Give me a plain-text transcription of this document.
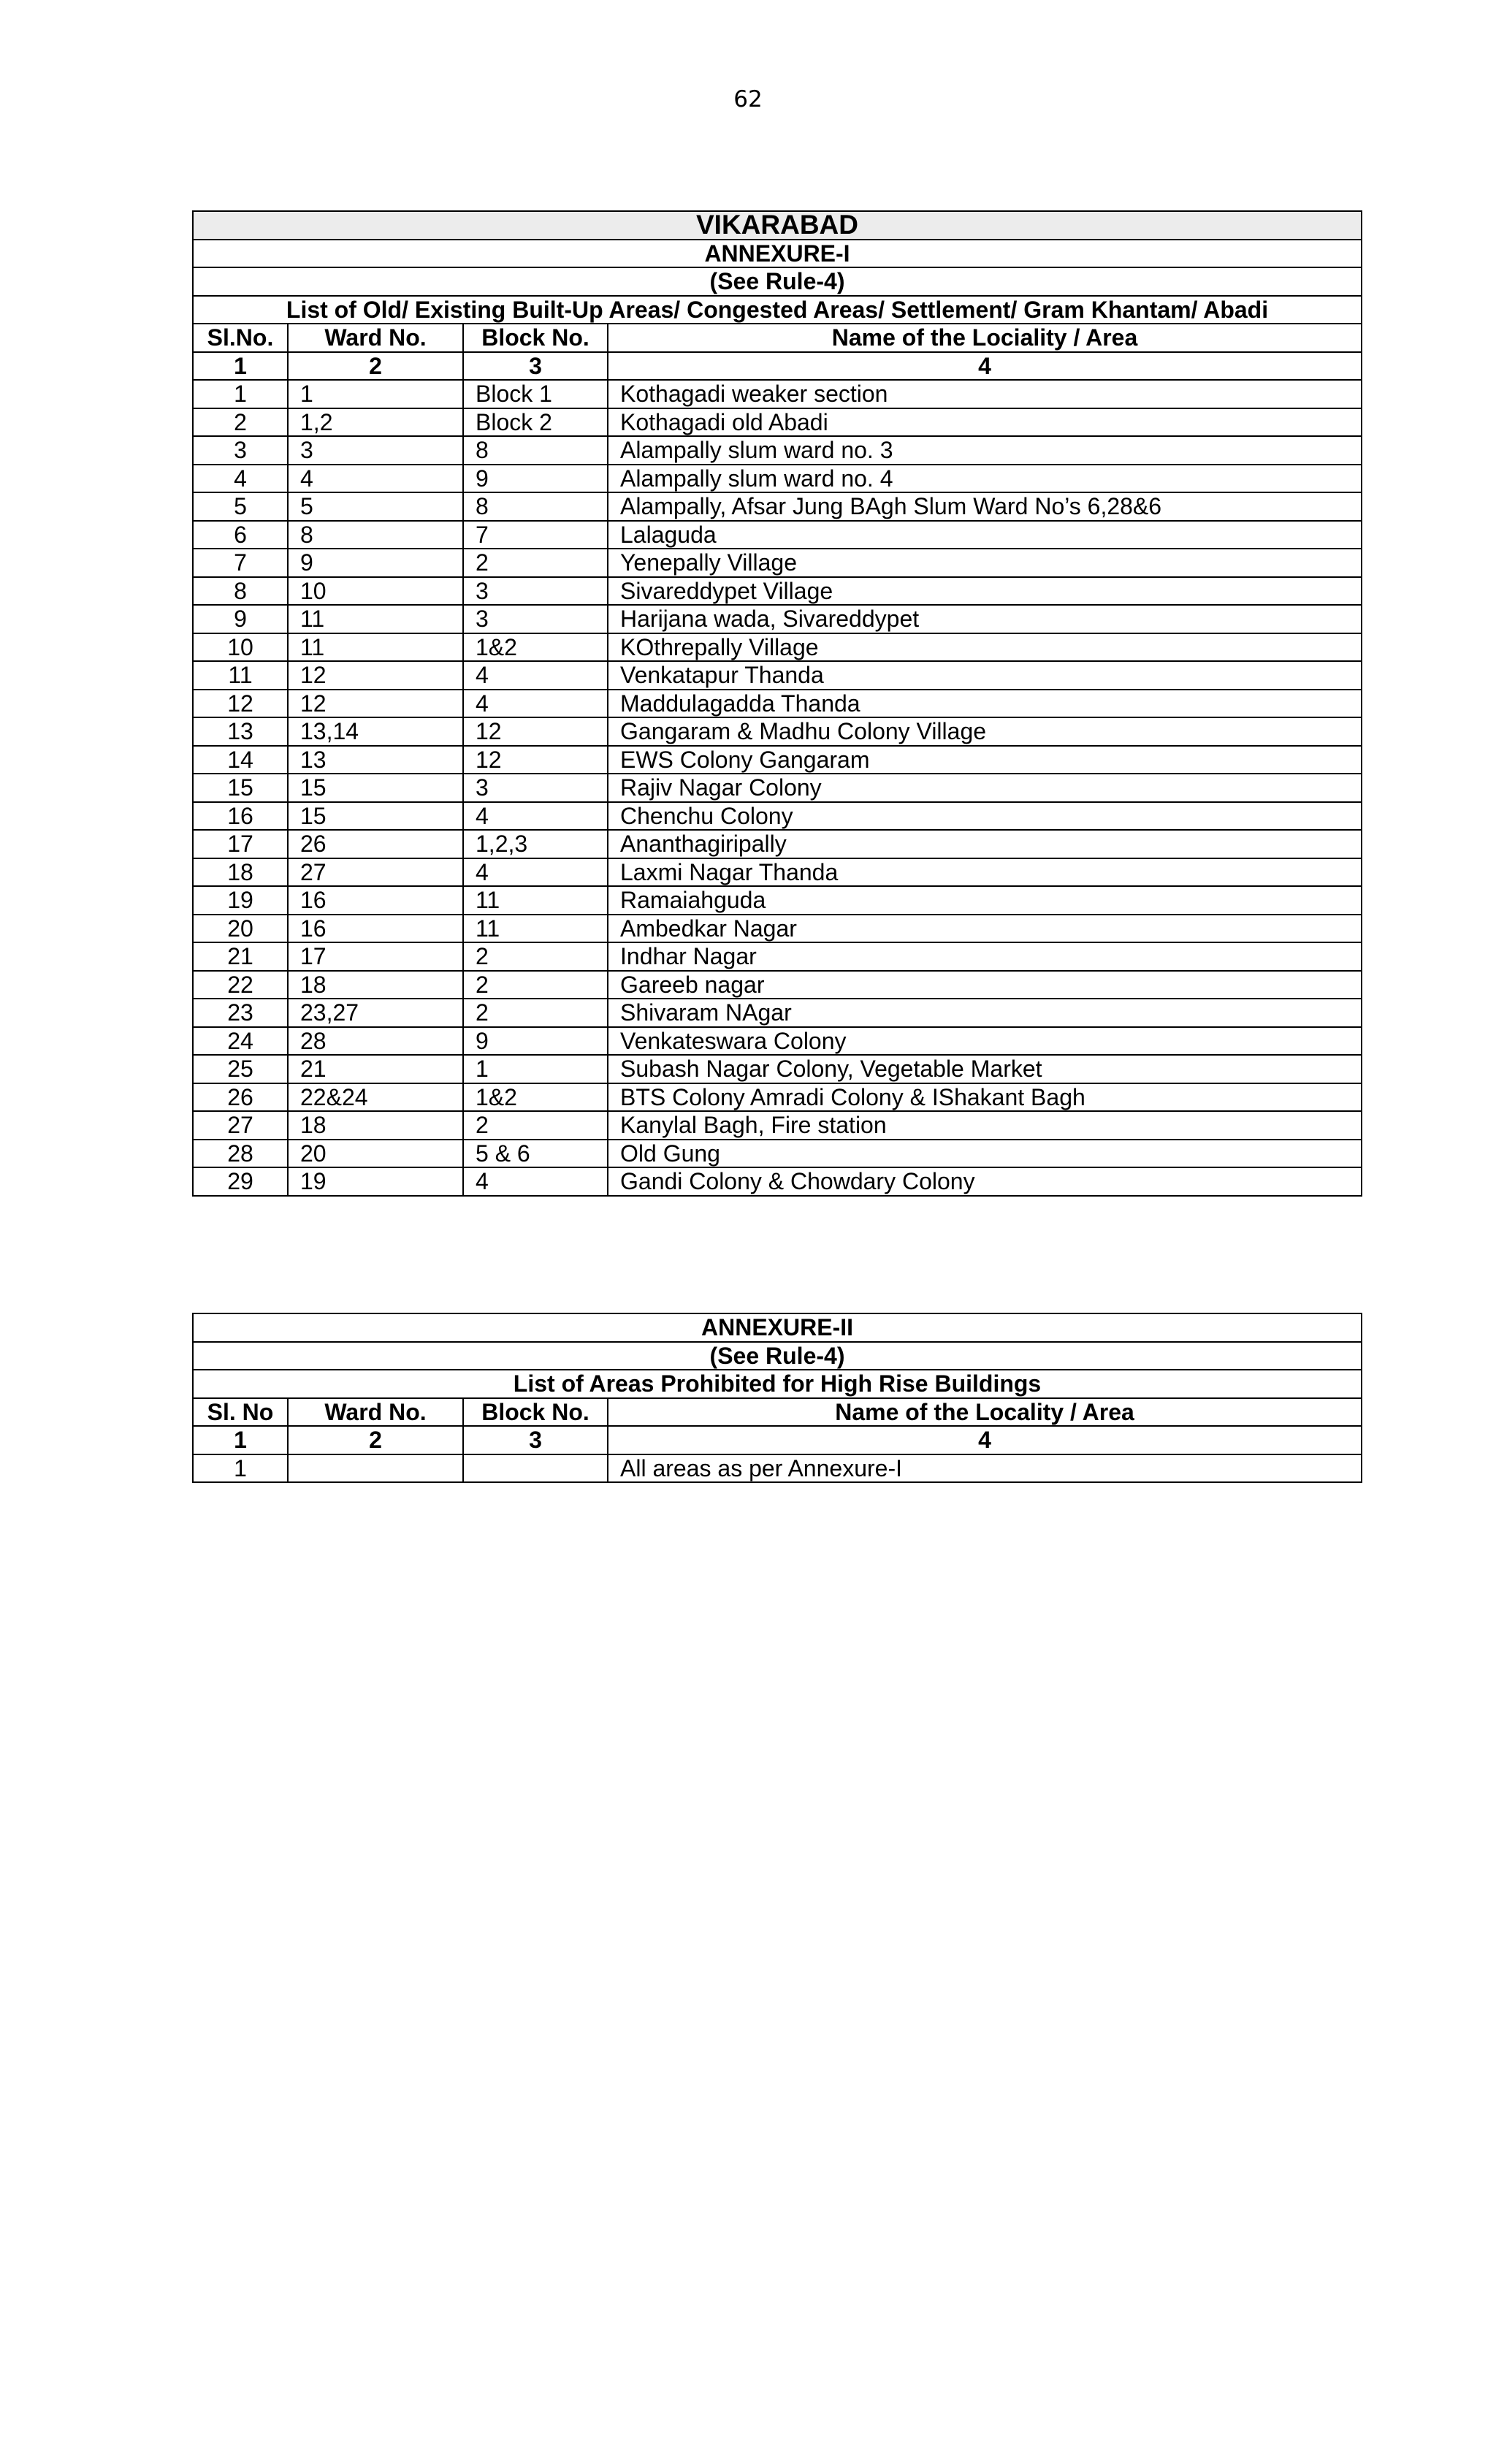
62
VIKARABAD			
ANNEXURE-I			
(See Rule-4)			
List of Old/ Existing Built-Up Areas/ Congested Areas/ Settlement/ Gram Khantam/ Abadi			
Sl.No.	Ward No.	Block No.	Name of the Lociality / Area
1	2	3	4
1	1	Block 1	Kothagadi weaker section
2	1,2	Block 2	Kothagadi old Abadi
3	3	8	Alampally slum ward no. 3
4	4	9	Alampally slum ward no. 4
5	5	8	Alampally, Afsar Jung BAgh Slum Ward No’s 6,28&6
6	8	7	Lalaguda
7	9	2	Yenepally Village
8	10	3	Sivareddypet Village
9	11	3	Harijana wada, Sivareddypet
10	11	1&2	KOthrepally Village
11	12	4	Venkatapur Thanda
12	12	4	Maddulagadda Thanda
13	13,14	12	Gangaram & Madhu Colony Village
14	13	12	EWS Colony Gangaram
15	15	3	Rajiv Nagar Colony
16	15	4	Chenchu Colony
17	26	1,2,3	Ananthagiripally
18	27	4	Laxmi Nagar Thanda
19	16	11	Ramaiahguda
20	16	11	Ambedkar Nagar
21	17	2	Indhar Nagar
22	18	2	Gareeb nagar
23	23,27	2	Shivaram NAgar
24	28	9	Venkateswara Colony
25	21	1	Subash Nagar Colony, Vegetable Market
26	22&24	1&2	BTS Colony Amradi Colony & IShakant Bagh
27	18	2	Kanylal Bagh, Fire station
28	20	5 & 6	Old Gung
29	19	4	Gandi Colony & Chowdary Colony
ANNEXURE-II			
(See Rule-4)			
List of Areas Prohibited for High Rise Buildings			
Sl. No	Ward No.	Block No.	Name of the Locality / Area
1	2	3	4
1			All areas as per Annexure-I
